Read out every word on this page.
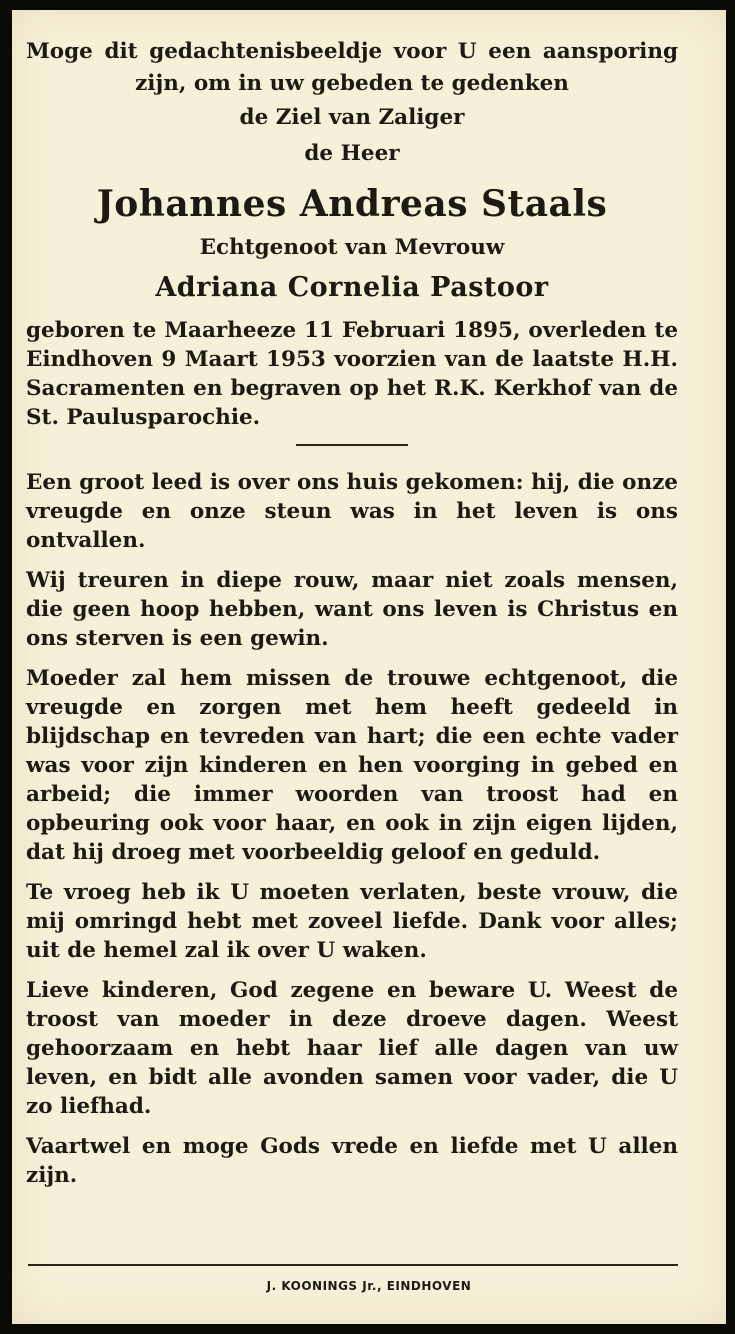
Moge dit gedachtenisbeeldje voor U een aansporing zijn, om in uw gebeden te gedenken
de Ziel van Zaliger
de Heer
Johannes Andreas Staals
Echtgenoot van Mevrouw
Adriana Cornelia Pastoor
geboren te Maarheeze 11 Februari 1895, overleden te Eindhoven 9 Maart 1953 voorzien van de laatste H.H. Sacramenten en begraven op het R.K. Kerkhof van de St. Paulusparochie.

Een groot leed is over ons huis gekomen: hij, die onze vreugde en onze steun was in het leven is ons ontvallen.

Wij treuren in diepe rouw, maar niet zoals mensen, die geen hoop hebben, want ons leven is Christus en ons sterven is een gewin.

Moeder zal hem missen de trouwe echtgenoot, die vreugde en zorgen met hem heeft gedeeld in blijdschap en tevreden van hart; die een echte vader was voor zijn kinderen en hen voorging in gebed en arbeid; die immer woorden van troost had en opbeuring ook voor haar, en ook in zijn eigen lijden, dat hij droeg met voorbeeldig geloof en geduld.

Te vroeg heb ik U moeten verlaten, beste vrouw, die mij omringd hebt met zoveel liefde. Dank voor alles; uit de hemel zal ik over U waken.

Lieve kinderen, God zegene en beware U. Weest de troost van moeder in deze droeve dagen. Weest gehoorzaam en hebt haar lief alle dagen van uw leven, en bidt alle avonden samen voor vader, die U zo liefhad.

Vaartwel en moge Gods vrede en liefde met U allen zijn.

J. KOONINGS Jr., EINDHOVEN
